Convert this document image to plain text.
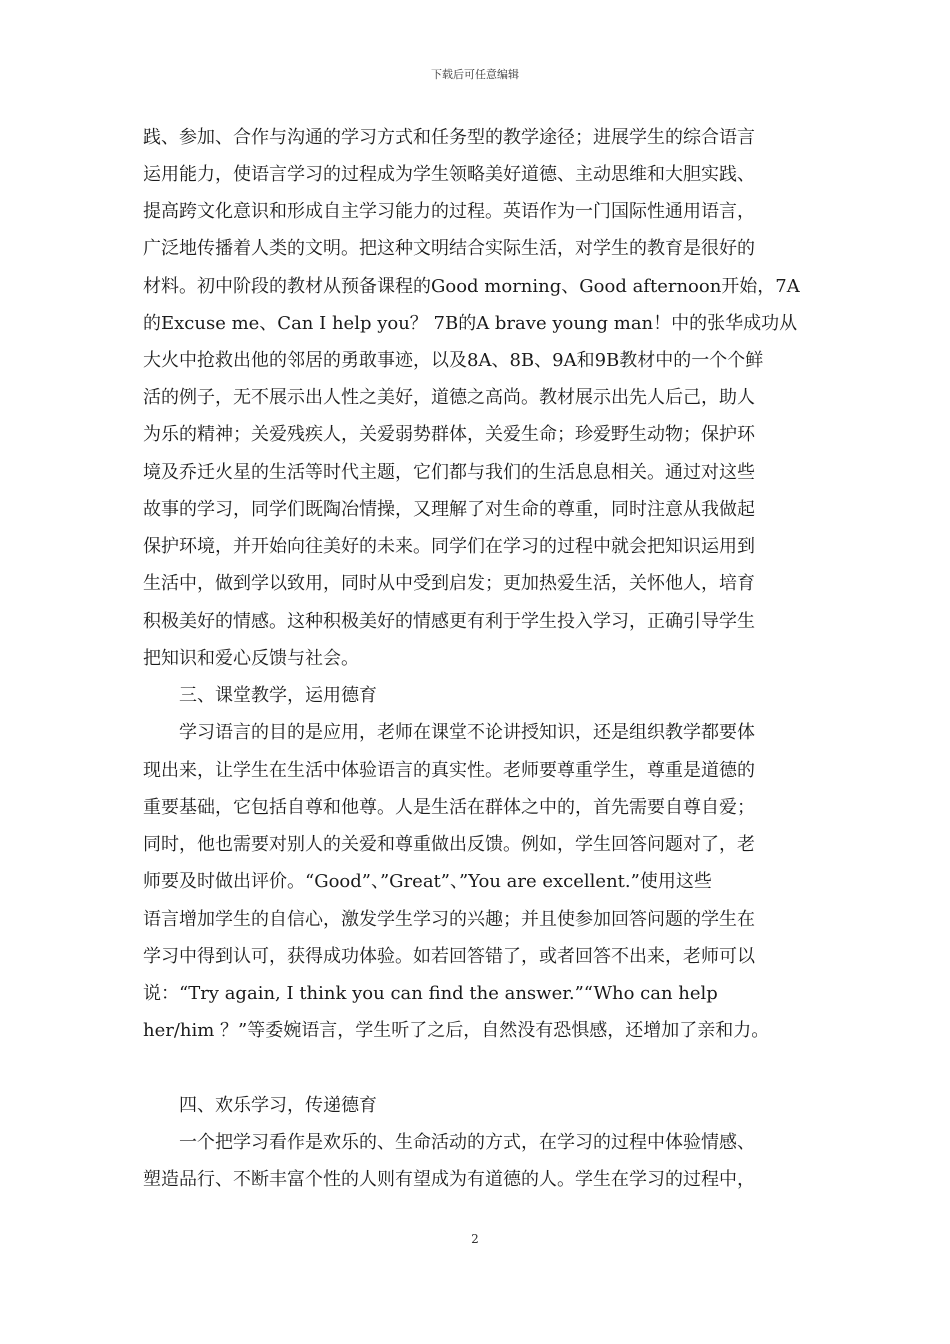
下载后可任意编辑
践、参加、合作与沟通的学习方式和任务型的教学途径；进展学生的综合语言
运用能力，使语言学习的过程成为学生领略美好道德、主动思维和大胆实践、
提高跨文化意识和形成自主学习能力的过程。英语作为一门国际性通用语言，
广泛地传播着人类的文明。把这种文明结合实际生活，对学生的教育是很好的
材料。初中阶段的教材从预备课程的Good morning、Good afternoon开始，7A
的Excuse me、Can I help you？ 7B的A brave young man！中的张华成功从
大火中抢救出他的邻居的勇敢事迹，以及8A、8B、9A和9B教材中的一个个鲜
活的例子，无不展示出人性之美好，道德之高尚。教材展示出先人后己，助人
为乐的精神；关爱残疾人，关爱弱势群体，关爱生命；珍爱野生动物；保护环
境及乔迁火星的生活等时代主题，它们都与我们的生活息息相关。通过对这些
故事的学习，同学们既陶冶情操，又理解了对生命的尊重，同时注意从我做起
保护环境，并开始向往美好的未来。同学们在学习的过程中就会把知识运用到
生活中，做到学以致用，同时从中受到启发；更加热爱生活，关怀他人，培育
积极美好的情感。这种积极美好的情感更有利于学生投入学习，正确引导学生
把知识和爱心反馈与社会。
三、课堂教学，运用德育
学习语言的目的是应用，老师在课堂不论讲授知识，还是组织教学都要体
现出来，让学生在生活中体验语言的真实性。老师要尊重学生，尊重是道德的
重要基础，它包括自尊和他尊。人是生活在群体之中的，首先需要自尊自爱；
同时，他也需要对别人的关爱和尊重做出反馈。例如，学生回答问题对了，老
师要及时做出评价。“Good”、”Great”、”You are excellent.”使用这些
语言增加学生的自信心，激发学生学习的兴趣；并且使参加回答问题的学生在
学习中得到认可，获得成功体验。如若回答错了，或者回答不出来，老师可以
说：“Try again, I think you can find the answer.”“Who can help
her/him ？”等委婉语言，学生听了之后，自然没有恐惧感，还增加了亲和力。
四、欢乐学习，传递德育
一个把学习看作是欢乐的、生命活动的方式，在学习的过程中体验情感、
塑造品行、不断丰富个性的人则有望成为有道德的人。学生在学习的过程中，
2
